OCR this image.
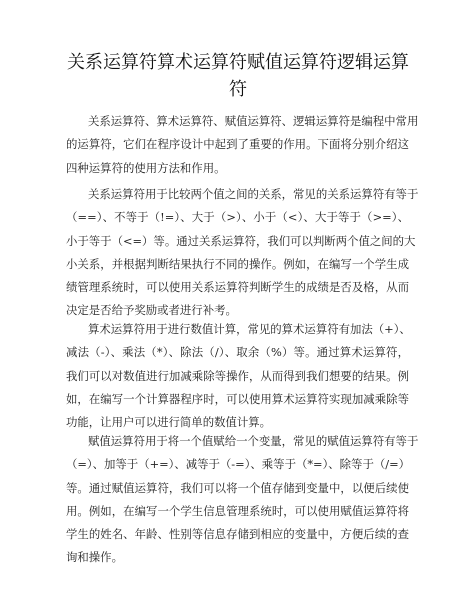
关系运算符算术运算符赋值运算符逻辑运算符
关系运算符、算术运算符、赋值运算符、逻辑运算符是编程中常用
的运算符，它们在程序设计中起到了重要的作用。下面将分别介绍这
四种运算符的使用方法和作用。
关系运算符用于比较两个值之间的关系，常见的关系运算符有等于
（==）、不等于（!=）、大于（>）、小于（<）、大于等于（>=）、
小于等于（<=）等。通过关系运算符，我们可以判断两个值之间的大
小关系，并根据判断结果执行不同的操作。例如，在编写一个学生成
绩管理系统时，可以使用关系运算符判断学生的成绩是否及格，从而
决定是否给予奖励或者进行补考。
算术运算符用于进行数值计算，常见的算术运算符有加法（+）、
减法（-）、乘法（*）、除法（/）、取余（%）等。通过算术运算符，
我们可以对数值进行加减乘除等操作，从而得到我们想要的结果。例
如，在编写一个计算器程序时，可以使用算术运算符实现加减乘除等
功能，让用户可以进行简单的数值计算。
赋值运算符用于将一个值赋给一个变量，常见的赋值运算符有等于
（=）、加等于（+=）、减等于（-=）、乘等于（*=）、除等于（/=）
等。通过赋值运算符，我们可以将一个值存储到变量中，以便后续使
用。例如，在编写一个学生信息管理系统时，可以使用赋值运算符将
学生的姓名、年龄、性别等信息存储到相应的变量中，方便后续的查
询和操作。
